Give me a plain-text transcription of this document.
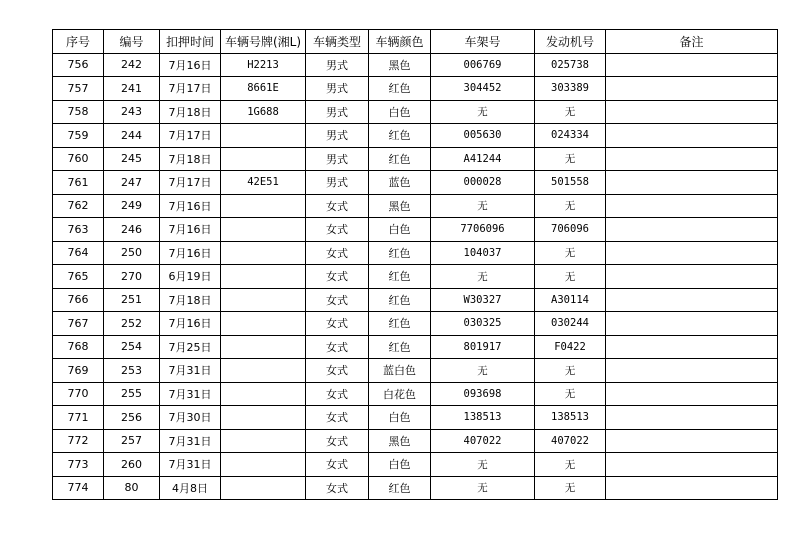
序号	编号	扣押时间	车辆号牌(湘L)	车辆类型	车辆颜色	车架号	发动机号	备注
756	242	7月16日	H2213	男式	黑色	006769	025738	
757	241	7月17日	8661E	男式	红色	304452	303389	
758	243	7月18日	1G688	男式	白色	无	无	
759	244	7月17日		男式	红色	005630	024334	
760	245	7月18日		男式	红色	A41244	无	
761	247	7月17日	42E51	男式	蓝色	000028	501558	
762	249	7月16日		女式	黑色	无	无	
763	246	7月16日		女式	白色	7706096	706096	
764	250	7月16日		女式	红色	104037	无	
765	270	6月19日		女式	红色	无	无	
766	251	7月18日		女式	红色	W30327	A30114	
767	252	7月16日		女式	红色	030325	030244	
768	254	7月25日		女式	红色	801917	F0422	
769	253	7月31日		女式	蓝白色	无	无	
770	255	7月31日		女式	白花色	093698	无	
771	256	7月30日		女式	白色	138513	138513	
772	257	7月31日		女式	黑色	407022	407022	
773	260	7月31日		女式	白色	无	无	
774	80	4月8日		女式	红色	无	无	
